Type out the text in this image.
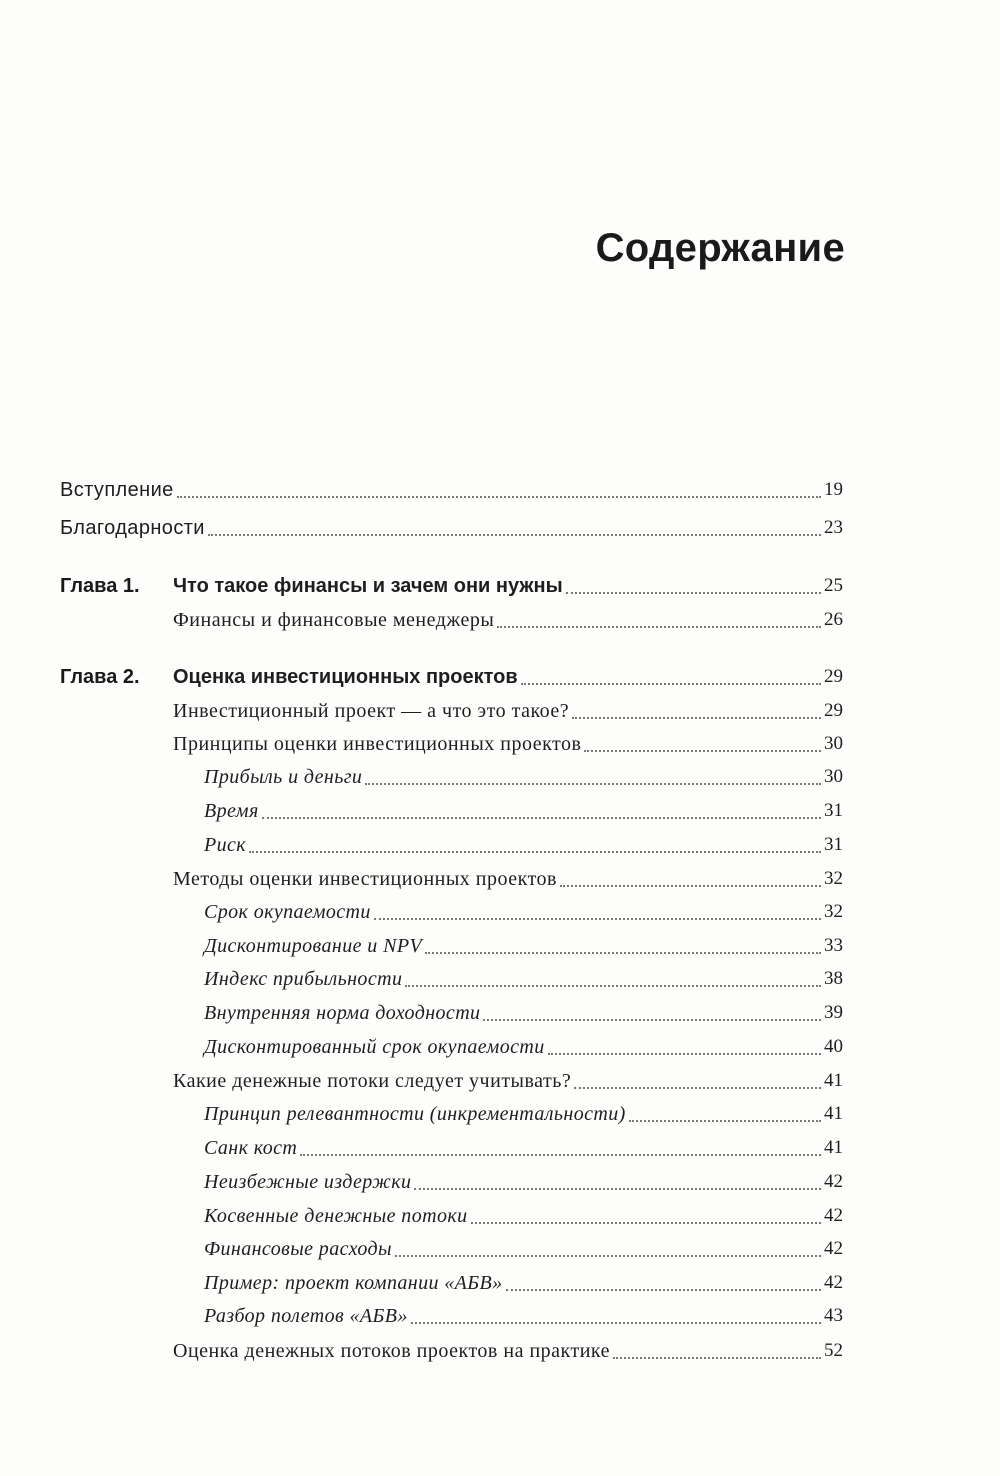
Содержание
Вступление	19
Благодарности	23
Глава 1. Что такое финансы и зачем они нужны	25
Финансы и финансовые менеджеры	26
Глава 2. Оценка инвестиционных проектов	29
Инвестиционный проект — а что это такое?	29
Принципы оценки инвестиционных проектов	30
Прибыль и деньги	30
Время	31
Риск	31
Методы оценки инвестиционных проектов	32
Срок окупаемости	32
Дисконтирование и NPV	33
Индекс прибыльности	38
Внутренняя норма доходности	39
Дисконтированный срок окупаемости	40
Какие денежные потоки следует учитывать?	41
Принцип релевантности (инкрементальности)	41
Санк кост	41
Неизбежные издержки	42
Косвенные денежные потоки	42
Финансовые расходы	42
Пример: проект компании «АБВ»	42
Разбор полетов «АБВ»	43
Оценка денежных потоков проектов на практике	52
